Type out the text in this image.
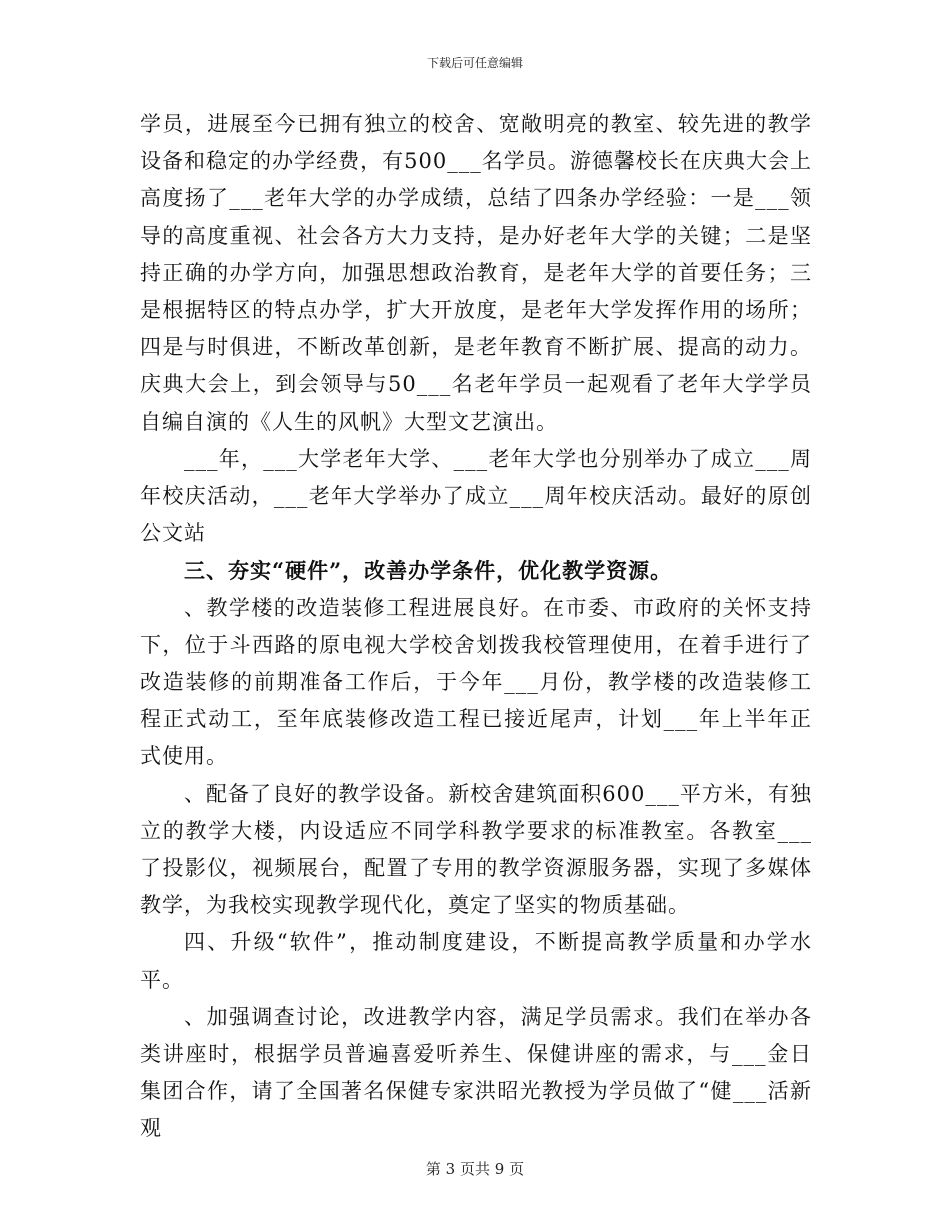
下载后可任意编辑

学员，进展至今已拥有独立的校舍、宽敞明亮的教室、较先进的教学设备和稳定的办学经费，有500___名学员。游德馨校长在庆典大会上高度扬了___老年大学的办学成绩，总结了四条办学经验：一是___领导的高度重视、社会各方大力支持，是办好老年大学的关键；二是坚持正确的办学方向，加强思想政治教育，是老年大学的首要任务；三是根据特区的特点办学，扩大开放度，是老年大学发挥作用的场所；四是与时俱进，不断改革创新，是老年教育不断扩展、提高的动力。庆典大会上，到会领导与50___名老年学员一起观看了老年大学学员自编自演的《人生的风帆》大型文艺演出。

___年，___大学老年大学、___老年大学也分别举办了成立___周年校庆活动，___老年大学举办了成立___周年校庆活动。最好的原创公文站

三、夯实“硬件”，改善办学条件，优化教学资源。

、教学楼的改造装修工程进展良好。在市委、市政府的关怀支持下，位于斗西路的原电视大学校舍划拨我校管理使用，在着手进行了改造装修的前期准备工作后，于今年___月份，教学楼的改造装修工程正式动工，至年底装修改造工程已接近尾声，计划___年上半年正式使用。

、配备了良好的教学设备。新校舍建筑面积600___平方米，有独立的教学大楼，内设适应不同学科教学要求的标准教室。各教室___了投影仪，视频展台，配置了专用的教学资源服务器，实现了多媒体教学，为我校实现教学现代化，奠定了坚实的物质基础。

四、升级“软件”，推动制度建设，不断提高教学质量和办学水平。

、加强调查讨论，改进教学内容，满足学员需求。我们在举办各类讲座时，根据学员普遍喜爱听养生、保健讲座的需求，与___金日集团合作，请了全国著名保健专家洪昭光教授为学员做了“健___活新观

第 3 页共 9 页
